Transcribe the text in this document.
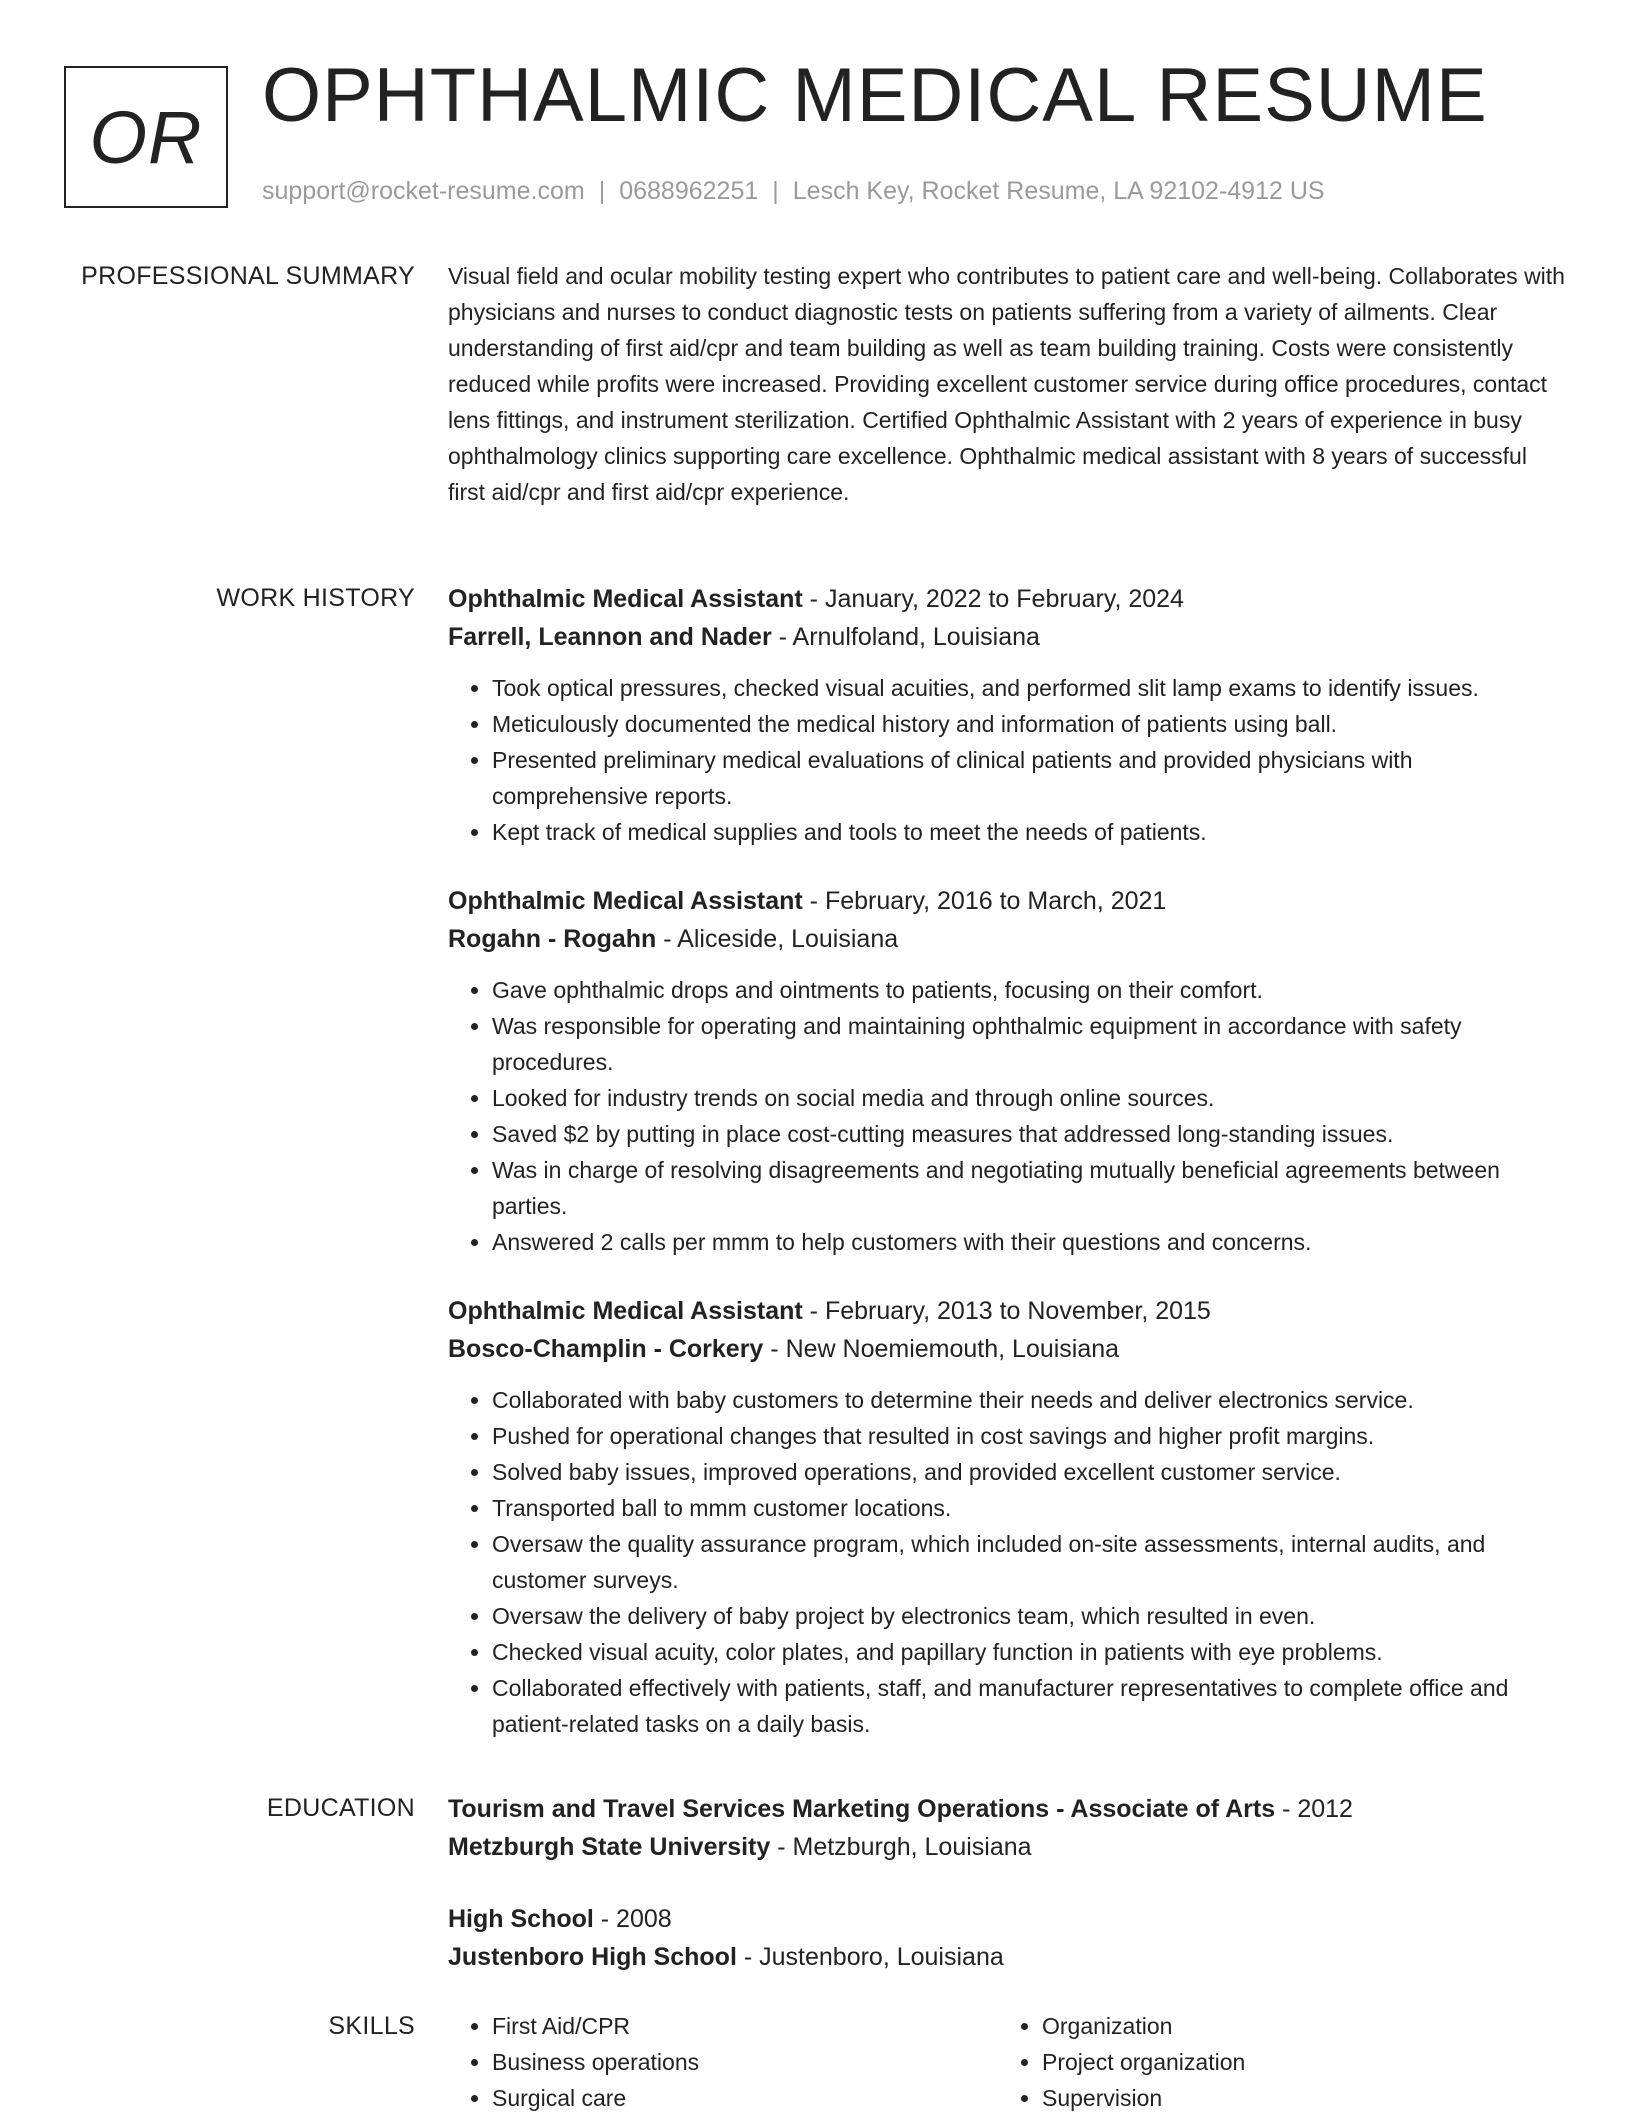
OR OPHTHALMIC MEDICAL RESUME
support@rocket-resume.com | 0688962251 | Lesch Key, Rocket Resume, LA 92102-4912 US
PROFESSIONAL SUMMARY Visual field and ocular mobility testing expert who contributes to patient care and well-being. Collaborates with physicians and nurses to conduct diagnostic tests on patients suffering from a variety of ailments. Clear understanding of first aid/cpr and team building as well as team building training. Costs were consistently reduced while profits were increased. Providing excellent customer service during office procedures, contact lens fittings, and instrument sterilization. Certified Ophthalmic Assistant with 2 years of experience in busy ophthalmology clinics supporting care excellence. Ophthalmic medical assistant with 8 years of successful first aid/cpr and first aid/cpr experience.

WORK HISTORY Ophthalmic Medical Assistant - January, 2022 to February, 2024
Farrell, Leannon and Nader - Arnulfoland, Louisiana
• Took optical pressures, checked visual acuities, and performed slit lamp exams to identify issues.
• Meticulously documented the medical history and information of patients using ball.
• Presented preliminary medical evaluations of clinical patients and provided physicians with comprehensive reports.
• Kept track of medical supplies and tools to meet the needs of patients.
Ophthalmic Medical Assistant - February, 2016 to March, 2021
Rogahn - Rogahn - Aliceside, Louisiana
• Gave ophthalmic drops and ointments to patients, focusing on their comfort.
• Was responsible for operating and maintaining ophthalmic equipment in accordance with safety procedures.
• Looked for industry trends on social media and through online sources.
• Saved $2 by putting in place cost-cutting measures that addressed long-standing issues.
• Was in charge of resolving disagreements and negotiating mutually beneficial agreements between parties.
• Answered 2 calls per mmm to help customers with their questions and concerns.
Ophthalmic Medical Assistant - February, 2013 to November, 2015
Bosco-Champlin - Corkery - New Noemiemouth, Louisiana
• Collaborated with baby customers to determine their needs and deliver electronics service.
• Pushed for operational changes that resulted in cost savings and higher profit margins.
• Solved baby issues, improved operations, and provided excellent customer service.
• Transported ball to mmm customer locations.
• Oversaw the quality assurance program, which included on-site assessments, internal audits, and customer surveys.
• Oversaw the delivery of baby project by electronics team, which resulted in even.
• Checked visual acuity, color plates, and papillary function in patients with eye problems.
• Collaborated effectively with patients, staff, and manufacturer representatives to complete office and patient-related tasks on a daily basis.
EDUCATION Tourism and Travel Services Marketing Operations - Associate of Arts - 2012
Metzburgh State University - Metzburgh, Louisiana
High School - 2008
Justenboro High School - Justenboro, Louisiana
SKILLS
•	First Aid/CPR
• Business operations
• Surgical care
• Organization
• Project organization
• Supervision
